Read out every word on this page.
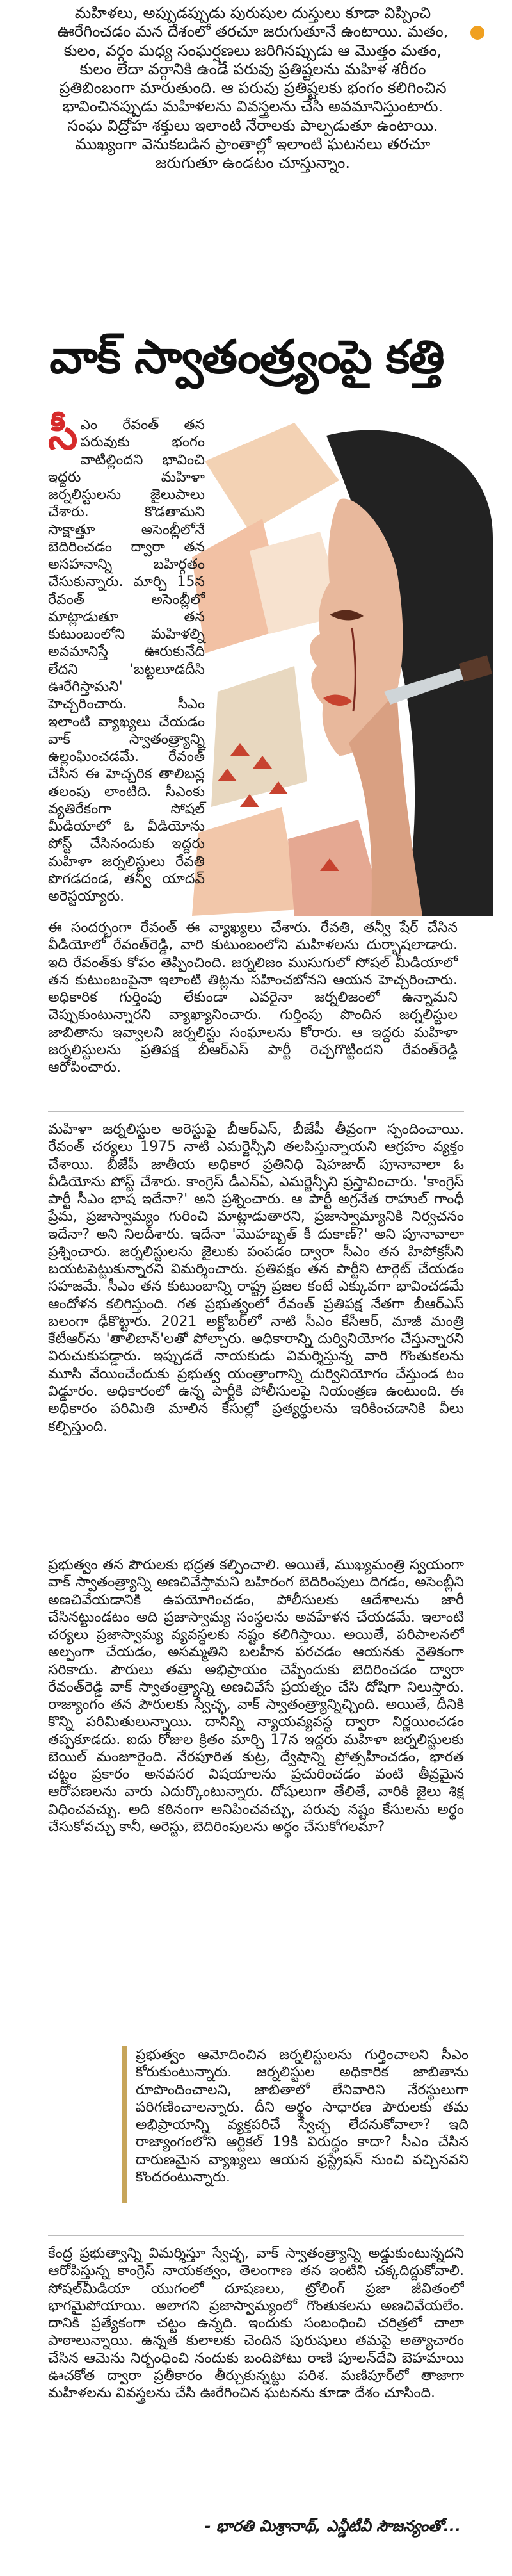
మహిళలు, అప్పుడప్పుడు పురుషుల దుస్తులు కూడా విప్పించి ఊరేగించడం మన దేశంలో తరచూ జరుగుతూనే ఉంటాయి. మతం, కులం, వర్గం మధ్య సంఘర్షణలు జరిగినప్పుడు ఆ మొత్తం మతం, కులం లేదా వర్గానికి ఉండే పరువు ప్రతిష్టలను మహిళ శరీరం ప్రతిబింబంగా మారుతుంది. ఆ పరువు ప్రతిష్టలకు భంగం కలిగించిన భావించినప్పుడు మహిళలను వివస్త్రలను చేసి అవమానిస్తుంటారు. సంఘ విద్రోహ శక్తులు ఇలాంటి నేరాలకు పాల్పడుతూ ఉంటాయి. ముఖ్యంగా వెనుకబడిన ప్రాంతాల్లో ఇలాంటి ఘటనలు తరచూ జరుగుతూ ఉండటం చూస్తున్నాం.
వాక్ స్వాతంత్ర్యంపై కత్తి
సీ ఎం రేవంత్ తన పరువుకు భంగం వాటిల్లిందని భావించి ఇద్దరు మహిళా జర్నలిస్టులను జైలుపాలు చేశారు. కొడతామని సాక్షాత్తూ అసెంబ్లీలోనే బెదిరించడం ద్వారా తన అసహనాన్ని బహిర్గతం చేసుకున్నారు. మార్చి 15న రేవంత్ అసెంబ్లీలో మాట్లాడుతూ తన కుటుంబంలోని మహిళల్ని అవమానిస్తే ఊరుకునేది లేదని 'బట్టలూడదీసి ఊరేగిస్తామని' హెచ్చరించారు. సీఎం ఇలాంటి వ్యాఖ్యలు చేయడం వాక్ స్వాతంత్ర్యాన్ని ఉల్లంఘించడమే. రేవంత్ చేసిన ఈ హెచ్చరిక తాలిబన్ల తలంపు లాంటిది. సీఎంకు వ్యతిరేకంగా సోషల్ మీడియాలో ఓ వీడియోను పోస్ట్ చేసినందుకు ఇద్దరు మహిళా జర్నలిస్టులు రేవతి పొగడదండ, తన్వీ యాదవ్ అరెస్టయ్యారు.
ఈ సందర్భంగా రేవంత్ ఈ వ్యాఖ్యలు చేశారు. రేవతి, తన్వీ షేర్ చేసిన వీడియోలో రేవంత్‌రెడ్డి, వారి కుటుంబంలోని మహిళలను దుర్భాషలాడారు. ఇది రేవంత్‌కు కోపం తెప్పించింది. జర్నలిజం ముసుగులో సోషల్ మీడియాలో తన కుటుంబంపైనా ఇలాంటి తిట్లను సహించబోనని ఆయన హెచ్చరించారు. అధికారిక గుర్తింపు లేకుండా ఎవరైనా జర్నలిజంలో ఉన్నామని చెప్పుకుంటున్నారని వ్యాఖ్యానించారు. గుర్తింపు పొందిన జర్నలిస్టుల జాబితాను ఇవ్వాలని జర్నలిస్టు సంఘాలను కోరారు. ఆ ఇద్దరు మహిళా జర్నలిస్టులను ప్రతిపక్ష బీఆర్ఎస్ పార్టీ రెచ్చగొట్టిందని రేవంత్‌రెడ్డి ఆరోపించారు.
మహిళా జర్నలిస్టుల అరెస్టుపై బీఆర్ఎస్, బీజేపీ తీవ్రంగా స్పందించాయి. రేవంత్ చర్యలు 1975 నాటి ఎమర్జెన్సీని తలపిస్తున్నాయని ఆగ్రహం వ్యక్తం చేశాయి. బీజేపీ జాతీయ అధికార ప్రతినిధి షెహజాద్ పూనావాలా ఓ వీడియోను పోస్ట్ చేశారు. కాంగ్రెస్ డీఎన్ఏ, ఎమర్జెన్సీని ప్రస్తావించారు. 'కాంగ్రెస్ పార్టీ సీఎం భాష ఇదేనా?' అని ప్రశ్నించారు. ఆ పార్టీ అగ్రనేత రాహుల్ గాంధీ ప్రేమ, ప్రజాస్వామ్యం గురించి మాట్లాడుతారని, ప్రజాస్వామ్యానికి నిర్వచనం ఇదేనా? అని నిలదీశారు. ఇదేనా 'మొహబ్బత్ కీ దుకాణ్?' అని పూనావాలా ప్రశ్నించారు. జర్నలిస్టులను జైలుకు పంపడం ద్వారా సీఎం తన హిపోక్రసీని బయటపెట్టుకున్నారని విమర్శించారు. ప్రతిపక్షం తన పార్టీని టార్గెట్ చేయడం సహజమే. సీఎం తన కుటుంబాన్ని రాష్ట్ర ప్రజల కంటే ఎక్కువగా భావించడమే ఆందోళన కలిగిస్తుంది. గత ప్రభుత్వంలో రేవంత్ ప్రతిపక్ష నేతగా బీఆర్ఎస్ బలంగా ఢీకొట్టారు. 2021 అక్టోబర్‌లో నాటి సీఎం కేసీఆర్, మాజీ మంత్రి కేటీఆర్‌ను 'తాలిబాన్'లతో పోల్చారు. అధికారాన్ని దుర్వినియోగం చేస్తున్నారని విరుచుకుపడ్డారు. ఇప్పుడదే నాయకుడు విమర్శిస్తున్న వారి గొంతుకలను మూసి వేయించేందుకు ప్రభుత్వ యంత్రాంగాన్ని దుర్వినియోగం చేస్తుండ టం విడ్డూరం. అధికారంలో ఉన్న పార్టీకి పోలీసులపై నియంత్రణ ఉంటుంది. ఈ అధికారం పరిమితి మాలిన కేసుల్లో ప్రత్యర్థులను ఇరికించడానికి వీలు కల్పిస్తుంది.
ప్రభుత్వం తన పౌరులకు భద్రత కల్పించాలి. అయితే, ముఖ్యమంత్రి స్వయంగా వాక్ స్వాతంత్ర్యాన్ని అణచివేస్తామని బహిరంగ బెదిరింపులు దిగడం, అసెంబ్లీని అణచివేయడానికి ఉపయోగించడం, పోలీసులకు ఆదేశాలను జారీ చేసినట్టుండటం అది ప్రజాస్వామ్య సంస్థలను అవహేళన చేయడమే. ఇలాంటి చర్యలు ప్రజాస్వామ్య వ్యవస్థలకు నష్టం కలిగిస్తాయి. అయితే, పరిపాలనలో అల్పంగా చేయడం, అసమ్మతిని బలహీన పరచడం ఆయనకు నైతికంగా సరికాదు. పౌరులు తమ అభిప్రాయం చెప్పేందుకు బెదిరించడం ద్వారా రేవంత్‌రెడ్డి వాక్ స్వాతంత్ర్యాన్ని అణచివేసే ప్రయత్నం చేసి దోషిగా నిలుస్తారు. రాజ్యాంగం తన పౌరులకు స్వేచ్ఛ, వాక్ స్వాతంత్ర్యాన్నిచ్చింది. అయితే, దీనికి కొన్ని పరిమితులున్నాయి. దానిన్ని న్యాయవ్యవస్థ ద్వారా నిర్ణయించడం తప్పకూడదు. ఐదు రోజుల క్రితం మార్చి 17న ఇద్దరు మహిళా జర్నలిస్టులకు బెయిల్ మంజూరైంది. నేరపూరిత కుట్ర, ద్వేషాన్ని ప్రోత్సహించడం, భారత చట్టం ప్రకారం అనవసర విషయాలను ప్రచురించడం వంటి తీవ్రమైన ఆరోపణలను వారు ఎదుర్కొంటున్నారు. దోషులుగా తేలితే, వారికి జైలు శిక్ష విధించవచ్చు. అది కఠినంగా అనిపించవచ్చు, పరువు నష్టం కేసులను అర్థం చేసుకోవచ్చు కానీ, అరెస్టు, బెదిరింపులను అర్థం చేసుకోగలమా?
ప్రభుత్వం ఆమోదించిన జర్నలిస్టులను గుర్తించాలని సీఎం కోరుకుంటున్నారు. జర్నలిస్టుల అధికారిక జాబితాను రూపొందించాలని, జాబితాలో లేనివారిని నేరస్థులుగా పరిగణించాలన్నారు. దీని అర్థం సాధారణ పౌరులకు తమ అభిప్రాయాన్ని వ్యక్తపరిచే స్వేచ్ఛ లేదనుకోవాలా? ఇది రాజ్యాంగంలోని ఆర్టికల్ 19కి విరుద్ధం కాదా? సీఎం చేసిన దారుణమైన వ్యాఖ్యలు ఆయన ఫ్రస్ట్రేషన్ నుంచి వచ్చినవని కొందరంటున్నారు.
కేంద్ర ప్రభుత్వాన్ని విమర్శిస్తూ స్వేచ్ఛ, వాక్ స్వాతంత్ర్యాన్ని అడ్డుకుంటున్నదని ఆరోపిస్తున్న కాంగ్రెస్ నాయకత్వం, తెలంగాణ తన ఇంటిని చక్కదిద్దుకోవాలి. సోషల్‌మీడియా యుగంలో దూషణలు, ట్రోలింగ్ ప్రజా జీవితంలో భాగమైపోయాయి. అలాగని ప్రజాస్వామ్యంలో గొంతుకలను అణచివేయలేం. దానికి ప్రత్యేకంగా చట్టం ఉన్నది. ఇందుకు సంబంధించి చరిత్రలో చాలా పాఠాలున్నాయి. ఉన్నత కులాలకు చెందిన పురుషులు తమపై అత్యాచారం చేసిన ఆమెను నిర్బంధించి నందుకు బందిపోటు రాణి పూలన్‌దేవి బెహమాయి ఊచకోత ద్వారా ప్రతీకారం తీర్చుకున్నట్టు పరిశ. మణిపూర్‌లో తాజాగా మహిళలను వివస్త్రలను చేసి ఊరేగించిన ఘటనను కూడా దేశం చూసింది.
- భారతి మిశ్రానాథ్, ఎన్డీటీవీ సౌజన్యంతో...
